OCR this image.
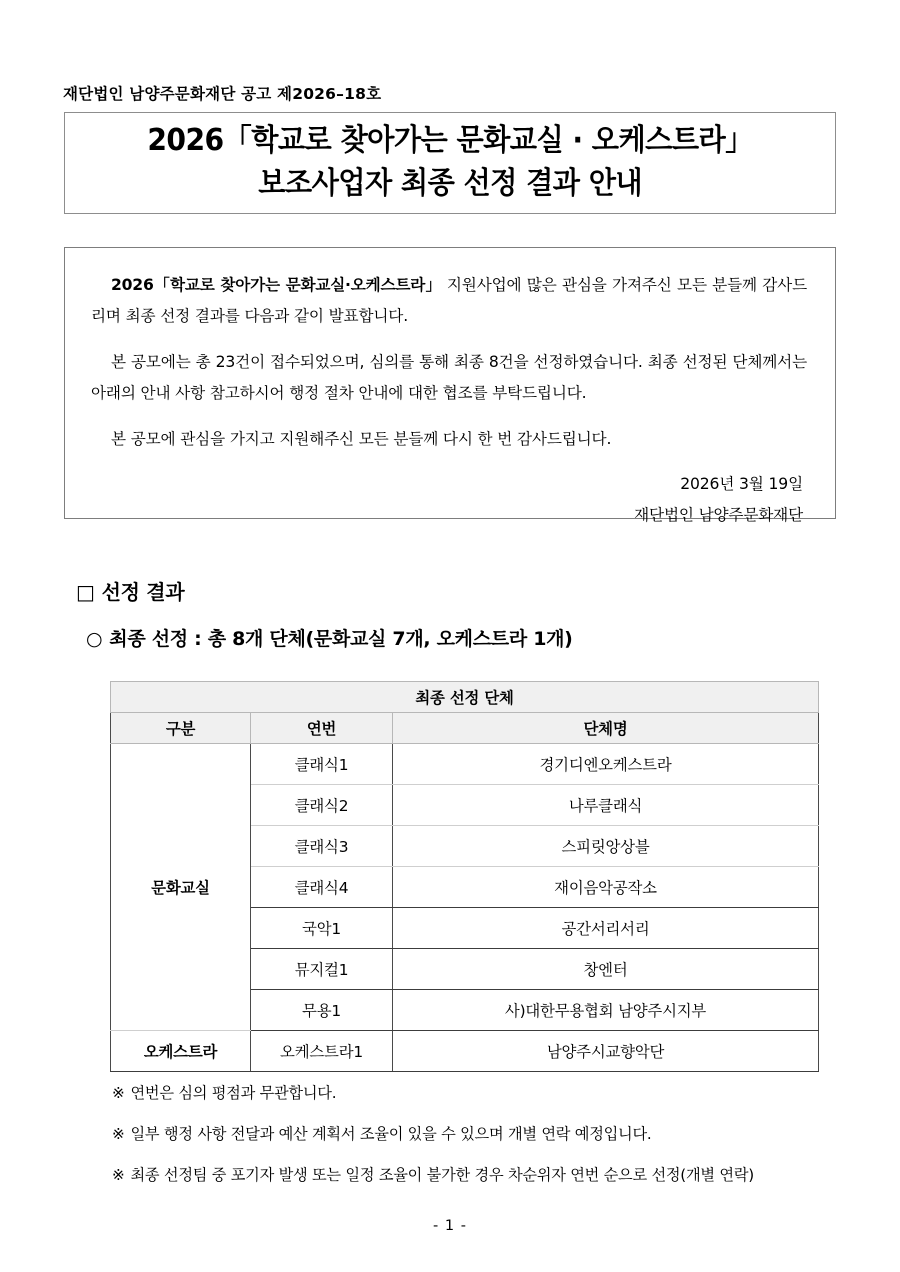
재단법인 남양주문화재단 공고 제2026–18호
2026「학교로 찾아가는 문화교실 · 오케스트라」
보조사업자 최종 선정 결과 안내

2026「학교로 찾아가는 문화교실·오케스트라」 지원사업에 많은 관심을 가져주신 모든 분들께 감사드리며 최종 선정 결과를 다음과 같이 발표합니다.

본 공모에는 총 23건이 접수되었으며, 심의를 통해 최종 8건을 선정하였습니다. 최종 선정된 단체께서는 아래의 안내 사항 참고하시어 행정 절차 안내에 대한 협조를 부탁드립니다.

본 공모에 관심을 가지고 지원해주신 모든 분들께 다시 한 번 감사드립니다.

2026년 3월 19일

재단법인 남양주문화재단

□ 선정 결과
○ 최종 선정 : 총 8개 단체(문화교실 7개, 오케스트라 1개)
최종 선정 단체		
구분	연번	단체명
문화교실	클래식1	경기디엔오케스트라
	클래식2	나루클래식
	클래식3	스피릿앙상블
	클래식4	재이음악공작소
	국악1	공간서리서리
	뮤지컬1	창엔터
	무용1	사)대한무용협회 남양주시지부
오케스트라	오케스트라1	남양주시교향악단
※ 연번은 심의 평점과 무관합니다.
※ 일부 행정 사항 전달과 예산 계획서 조율이 있을 수 있으며 개별 연락 예정입니다.
※ 최종 선정팀 중 포기자 발생 또는 일정 조율이 불가한 경우 차순위자 연번 순으로 선정(개별 연락)
- 1 -
